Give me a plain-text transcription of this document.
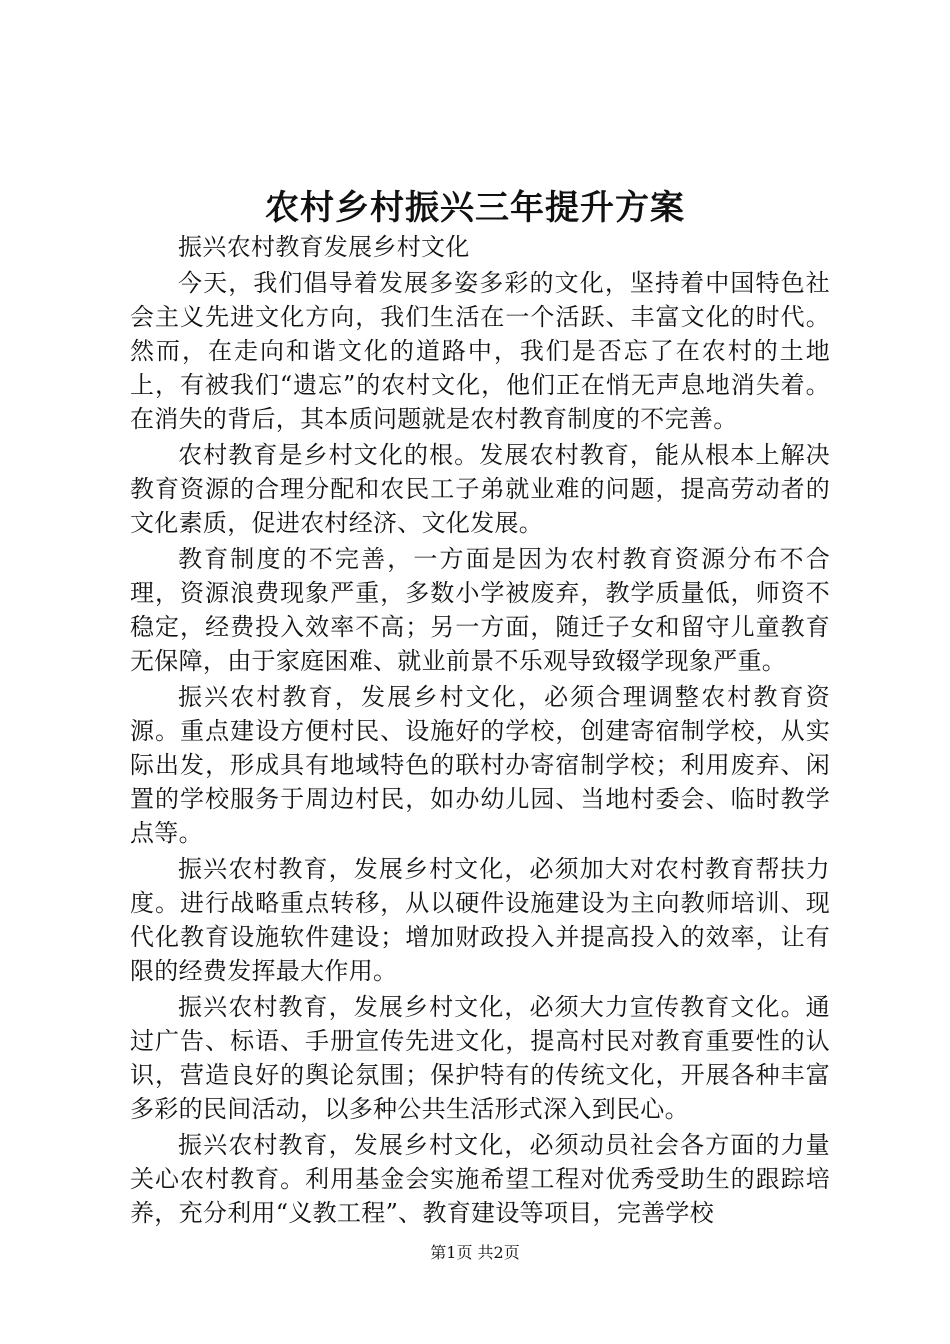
农村乡村振兴三年提升方案

振兴农村教育发展乡村文化

今天，我们倡导着发展多姿多彩的文化，坚持着中国特色社会主义先进文化方向，我们生活在一个活跃、丰富文化的时代。然而，在走向和谐文化的道路中，我们是否忘了在农村的土地上，有被我们“遗忘”的农村文化，他们正在悄无声息地消失着。在消失的背后，其本质问题就是农村教育制度的不完善。

农村教育是乡村文化的根。发展农村教育，能从根本上解决教育资源的合理分配和农民工子弟就业难的问题，提高劳动者的文化素质，促进农村经济、文化发展。

教育制度的不完善，一方面是因为农村教育资源分布不合理，资源浪费现象严重，多数小学被废弃，教学质量低，师资不稳定，经费投入效率不高；另一方面，随迁子女和留守儿童教育无保障，由于家庭困难、就业前景不乐观导致辍学现象严重。

振兴农村教育，发展乡村文化，必须合理调整农村教育资源。重点建设方便村民、设施好的学校，创建寄宿制学校，从实际出发，形成具有地域特色的联村办寄宿制学校；利用废弃、闲置的学校服务于周边村民，如办幼儿园、当地村委会、临时教学点等。

振兴农村教育，发展乡村文化，必须加大对农村教育帮扶力度。进行战略重点转移，从以硬件设施建设为主向教师培训、现代化教育设施软件建设；增加财政投入并提高投入的效率，让有限的经费发挥最大作用。

振兴农村教育，发展乡村文化，必须大力宣传教育文化。通过广告、标语、手册宣传先进文化，提高村民对教育重要性的认识，营造良好的舆论氛围；保护特有的传统文化，开展各种丰富多彩的民间活动，以多种公共生活形式深入到民心。

振兴农村教育，发展乡村文化，必须动员社会各方面的力量关心农村教育。利用基金会实施希望工程对优秀受助生的跟踪培养，充分利用“义教工程”、教育建设等项目，完善学校

第1页 共2页
